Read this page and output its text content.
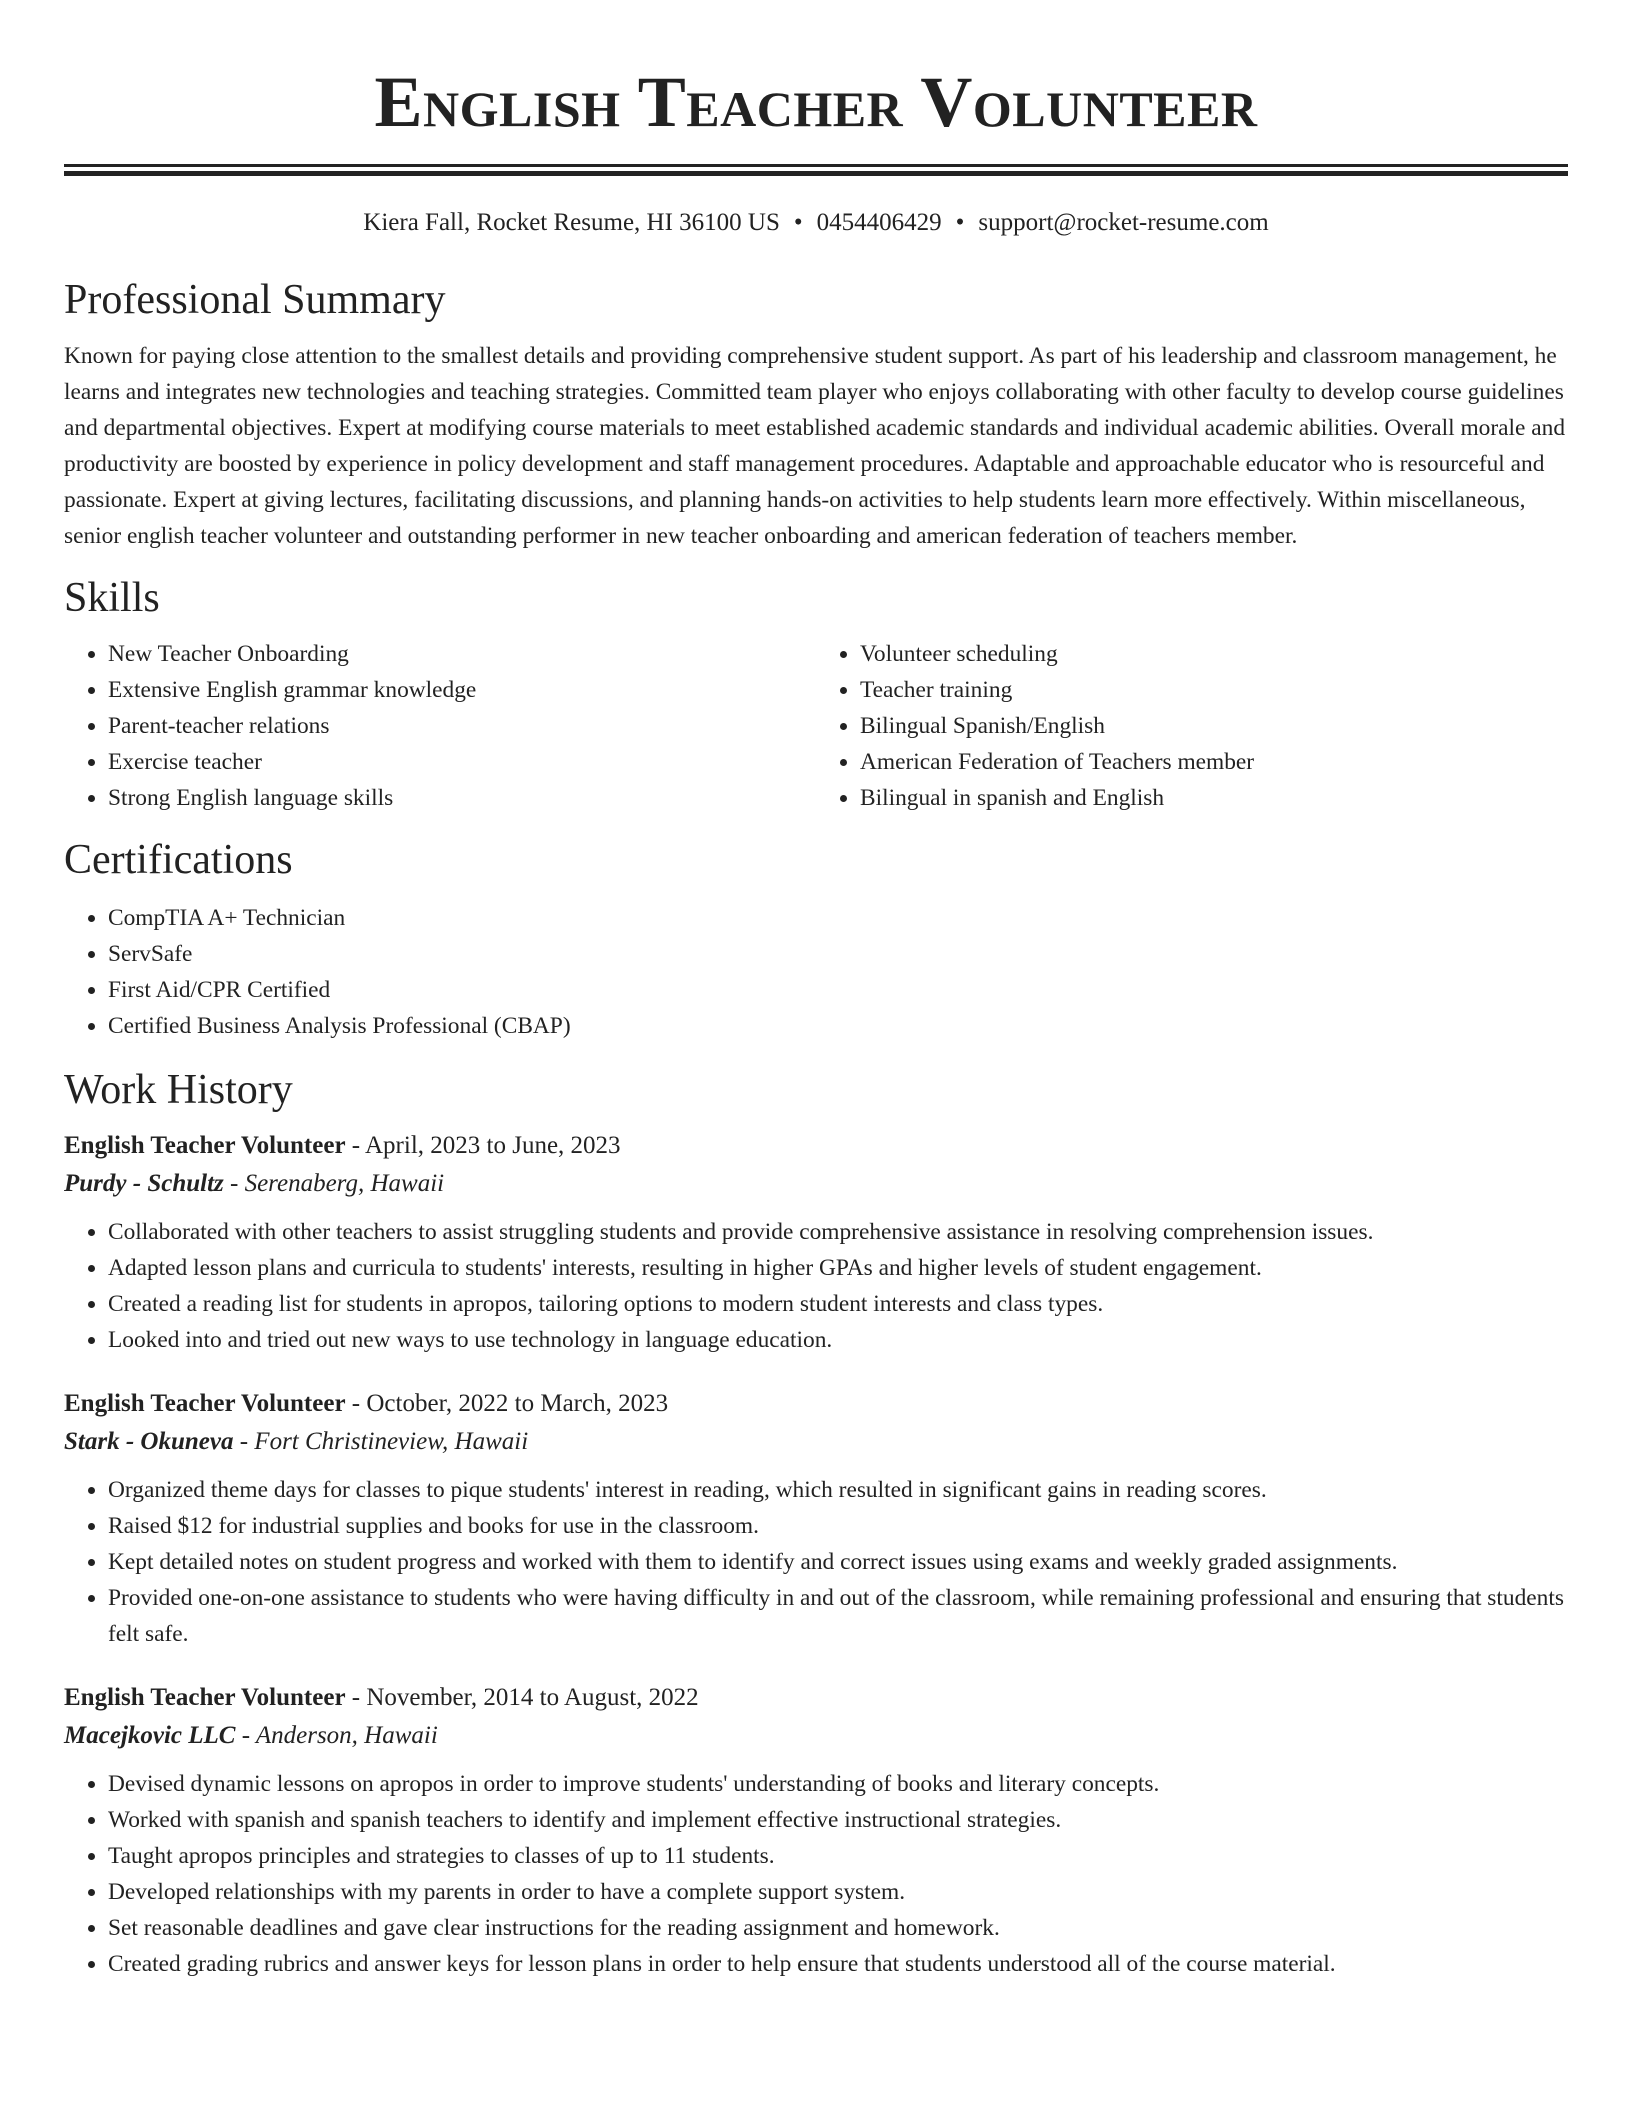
English Teacher Volunteer
Kiera Fall, Rocket Resume, HI 36100 US • 0454406429 • support@rocket-resume.com
Professional Summary
Known for paying close attention to the smallest details and providing comprehensive student support. As part of his leadership and classroom management, he learns and integrates new technologies and teaching strategies. Committed team player who enjoys collaborating with other faculty to develop course guidelines and departmental objectives. Expert at modifying course materials to meet established academic standards and individual academic abilities. Overall morale and productivity are boosted by experience in policy development and staff management procedures. Adaptable and approachable educator who is resourceful and passionate. Expert at giving lectures, facilitating discussions, and planning hands-on activities to help students learn more effectively. Within miscellaneous, senior english teacher volunteer and outstanding performer in new teacher onboarding and american federation of teachers member.
Skills
• New Teacher Onboarding
• Extensive English grammar knowledge
• Parent-teacher relations
• Exercise teacher
• Strong English language skills
• Volunteer scheduling
• Teacher training
• Bilingual Spanish/English
• American Federation of Teachers member
• Bilingual in spanish and English
Certifications
• CompTIA A+ Technician
• ServSafe
• First Aid/CPR Certified
• Certified Business Analysis Professional (CBAP)
Work History
English Teacher Volunteer - April, 2023 to June, 2023
Purdy - Schultz - Serenaberg, Hawaii
• Collaborated with other teachers to assist struggling students and provide comprehensive assistance in resolving comprehension issues.
• Adapted lesson plans and curricula to students' interests, resulting in higher GPAs and higher levels of student engagement.
• Created a reading list for students in apropos, tailoring options to modern student interests and class types.
• Looked into and tried out new ways to use technology in language education.
English Teacher Volunteer - October, 2022 to March, 2023
Stark - Okuneva - Fort Christineview, Hawaii
• Organized theme days for classes to pique students' interest in reading, which resulted in significant gains in reading scores.
• Raised $12 for industrial supplies and books for use in the classroom.
• Kept detailed notes on student progress and worked with them to identify and correct issues using exams and weekly graded assignments.
• Provided one-on-one assistance to students who were having difficulty in and out of the classroom, while remaining professional and ensuring that students felt safe.
English Teacher Volunteer - November, 2014 to August, 2022
Macejkovic LLC - Anderson, Hawaii
• Devised dynamic lessons on apropos in order to improve students' understanding of books and literary concepts.
• Worked with spanish and spanish teachers to identify and implement effective instructional strategies.
• Taught apropos principles and strategies to classes of up to 11 students.
• Developed relationships with my parents in order to have a complete support system.
• Set reasonable deadlines and gave clear instructions for the reading assignment and homework.
• Created grading rubrics and answer keys for lesson plans in order to help ensure that students understood all of the course material.
